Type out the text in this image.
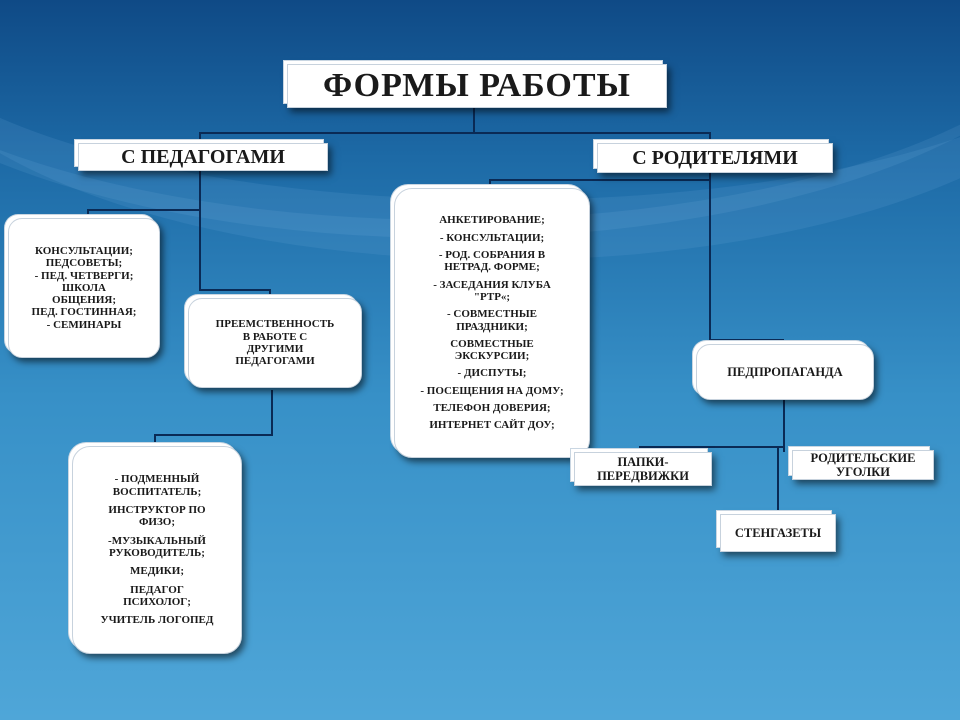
ФОРМЫ РАБОТЫ
С ПЕДАГОГАМИ	С РОДИТЕЛЯМИ
КОНСУЛЬТАЦИИ;
ПЕДСОВЕТЫ;
- ПЕД. ЧЕТВЕРГИ;
ШКОЛА
ОБЩЕНИЯ;
ПЕД. ГОСТИННАЯ;
- СЕМИНАРЫ	ПРЕЕМСТВЕННОСТЬ
В РАБОТЕ С
ДРУГИМИ
ПЕДАГОГАМИ
- ПОДМЕННЫЙ
ВОСПИТАТЕЛЬ;
ИНСТРУКТОР ПО
ФИЗО;
-МУЗЫКАЛЬНЫЙ
РУКОВОДИТЕЛЬ;
МЕДИКИ;
ПЕДАГОГ
ПСИХОЛОГ;
УЧИТЕЛЬ ЛОГОПЕД
АНКЕТИРОВАНИЕ;
- КОНСУЛЬТАЦИИ;
- РОД. СОБРАНИЯ В
НЕТРАД. ФОРМЕ;
- ЗАСЕДАНИЯ КЛУБА
"РТР«;
- СОВМЕСТНЫЕ
ПРАЗДНИКИ;
СОВМЕСТНЫЕ
ЭКСКУРСИИ;
- ДИСПУТЫ;
- ПОСЕЩЕНИЯ НА ДОМУ;
ТЕЛЕФОН ДОВЕРИЯ;
ИНТЕРНЕТ САЙТ ДОУ;
ПЕДПРОПАГАНДА
ПАПКИ-
ПЕРЕДВИЖКИ
РОДИТЕЛЬСКИЕ
УГОЛКИ
СТЕНГАЗЕТЫ
